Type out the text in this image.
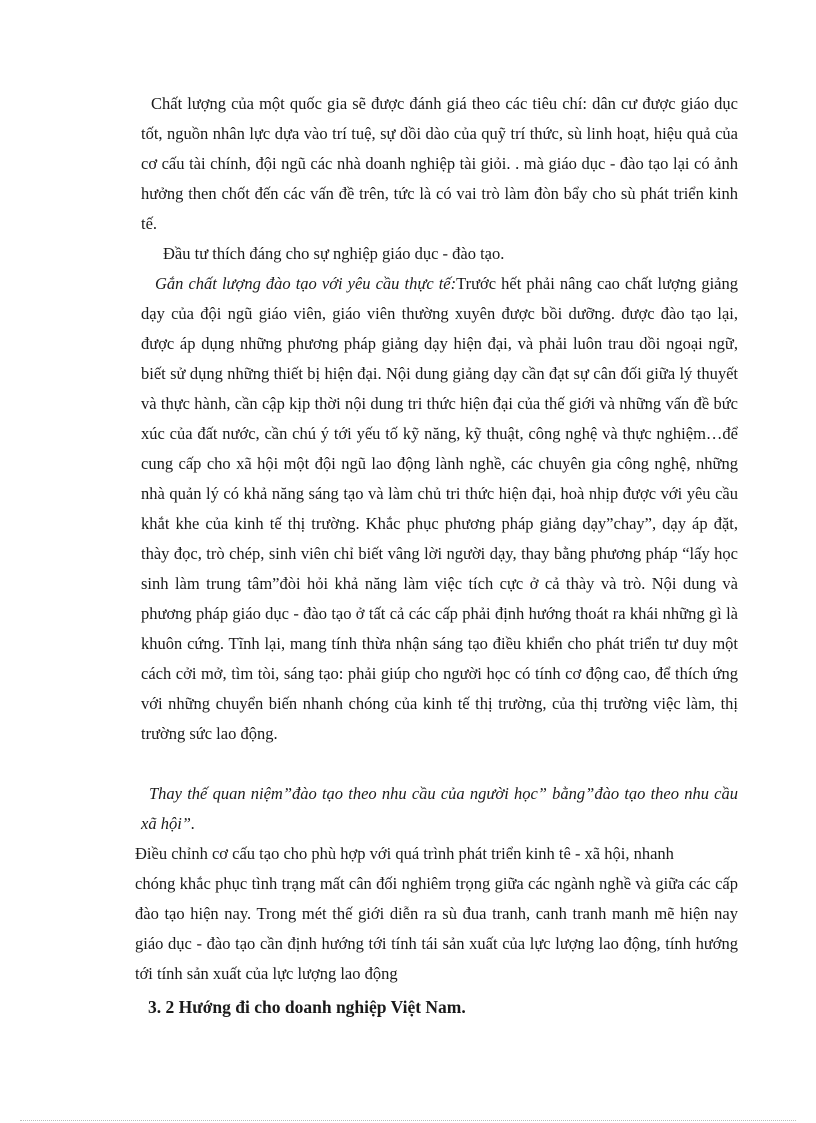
Chất lượng của một quốc gia sẽ được đánh giá theo các tiêu chí: dân cư được giáo dục tốt, nguồn nhân lực dựa vào trí tuệ, sự dồi dào của quỹ trí thức, sù linh hoạt, hiệu quả của cơ cấu tài chính, đội ngũ các nhà doanh nghiệp tài giỏi. . mà giáo dục - đào tạo lại có ảnh hưởng then chốt đến các vấn đề trên, tức là có vai trò làm đòn bẩy cho sù phát triển kinh tế.

Đầu tư thích đáng cho sự nghiệp giáo dục - đào tạo.

Gắn chất lượng đào tạo với yêu cầu thực tế:Trước hết phải nâng cao chất lượng giảng dạy của đội ngũ giáo viên, giáo viên thường xuyên được bồi dưỡng. được đào tạo lại, được áp dụng những phương pháp giảng dạy hiện đại, và phải luôn trau dồi ngoại ngữ, biết sử dụng những thiết bị hiện đại. Nội dung giảng dạy cần đạt sự cân đối giữa lý thuyết và thực hành, cần cập kịp thời nội dung tri thức hiện đại của thế giới và những vấn đề bức xúc của đất nước, cần chú ý tới yếu tố kỹ năng, kỹ thuật, công nghệ và thực nghiệm…để cung cấp cho xã hội một đội ngũ lao động lành nghề, các chuyên gia công nghệ, những nhà quản lý có khả năng sáng tạo và làm chủ tri thức hiện đại, hoà nhịp được với yêu cầu khắt khe của kinh tế thị trường. Khắc phục phương pháp giảng dạy”chay”, dạy áp đặt, thày đọc, trò chép, sinh viên chỉ biết vâng lời người dạy, thay bằng phương pháp “lấy học sinh làm trung tâm”đòi hỏi khả năng làm việc tích cực ở cả thày và trò. Nội dung và phương pháp giáo dục - đào tạo ở tất cả các cấp phải định hướng thoát ra khái những gì là khuôn cứng. Tĩnh lại, mang tính thừa nhận sáng tạo điều khiển cho phát triển tư duy một cách cởi mở, tìm tòi, sáng tạo: phải giúp cho người học có tính cơ động cao, để thích ứng với những chuyển biến nhanh chóng của kinh tế thị trường, của thị trường việc làm, thị trường sức lao động.

Thay thế quan niệm”đào tạo theo nhu cầu của người học” bằng”đào tạo theo nhu cầu xã hội”.

Điều chỉnh cơ cấu tạo cho phù hợp với quá trình phát triển kinh tê - xã hội, nhanh
chóng khắc phục tình trạng mất cân đối nghiêm trọng giữa các ngành nghề và giữa các cấp đào tạo hiện nay. Trong mét thế giới diễn ra sù đua tranh, canh tranh manh mẽ hiện nay giáo dục - đào tạo cần định hướng tới tính tái sản xuất của lực lượng lao động, tính hướng tới tính sản xuất của lực lượng lao động

3. 2 Hướng đi cho doanh nghiệp Việt Nam.
